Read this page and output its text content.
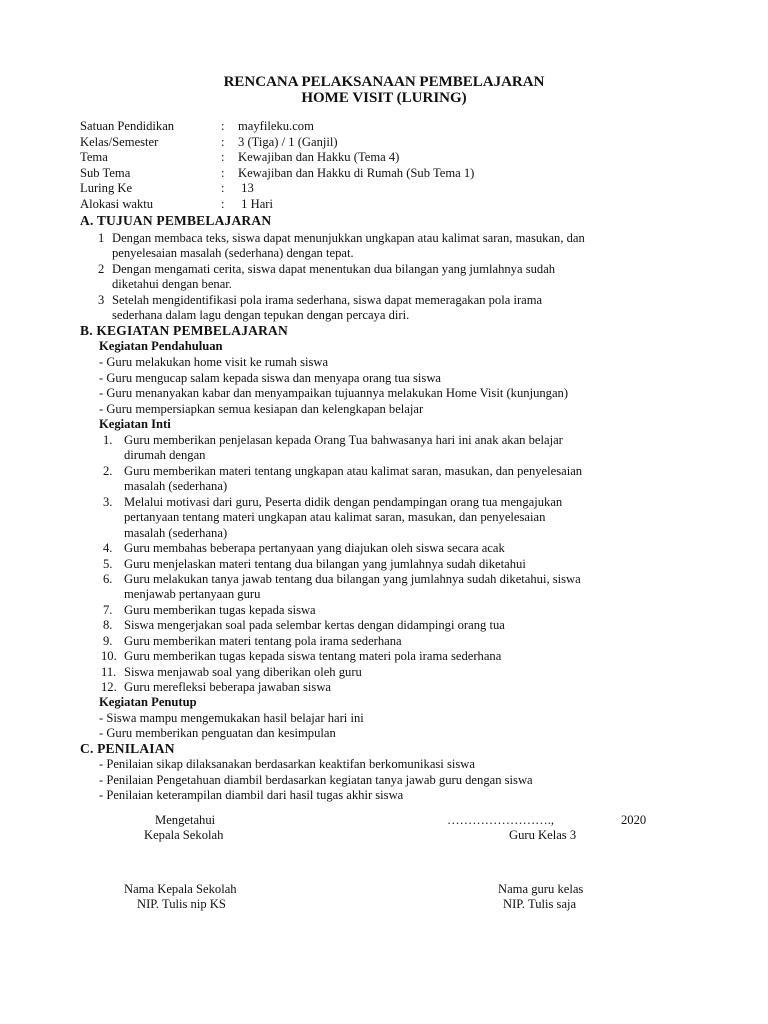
RENCANA PELAKSANAAN PEMBELAJARAN
HOME VISIT (LURING)
Satuan Pendidikan	: mayfileku.com
Kelas/Semester	: 3 (Tiga) / 1 (Ganjil)
Tema	: Kewajiban dan Hakku (Tema 4)
Sub Tema	: Kewajiban dan Hakku di Rumah (Sub Tema 1)
Luring Ke	: 13
Alokasi waktu	: 1 Hari
A. TUJUAN PEMBELAJARAN
1 Dengan membaca teks, siswa dapat menunjukkan ungkapan atau kalimat saran, masukan, dan
penyelesaian masalah (sederhana) dengan tepat.
2 Dengan mengamati cerita, siswa dapat menentukan dua bilangan yang jumlahnya sudah
diketahui dengan benar.
3 Setelah mengidentifikasi pola irama sederhana, siswa dapat memeragakan pola irama
sederhana dalam lagu dengan tepukan dengan percaya diri.
B. KEGIATAN PEMBELAJARAN
Kegiatan Pendahuluan
- Guru melakukan home visit ke rumah siswa
- Guru mengucap salam kepada siswa dan menyapa orang tua siswa
- Guru menanyakan kabar dan menyampaikan tujuannya melakukan Home Visit (kunjungan)
- Guru mempersiapkan semua kesiapan dan kelengkapan belajar
Kegiatan Inti
1. Guru memberikan penjelasan kepada Orang Tua bahwasanya hari ini anak akan belajar
dirumah dengan
2. Guru memberikan materi tentang ungkapan atau kalimat saran, masukan, dan penyelesaian
masalah (sederhana)
3. Melalui motivasi dari guru, Peserta didik dengan pendampingan orang tua mengajukan
pertanyaan tentang materi ungkapan atau kalimat saran, masukan, dan penyelesaian
masalah (sederhana)
4. Guru membahas beberapa pertanyaan yang diajukan oleh siswa secara acak
5. Guru menjelaskan materi tentang dua bilangan yang jumlahnya sudah diketahui
6. Guru melakukan tanya jawab tentang dua bilangan yang jumlahnya sudah diketahui, siswa
menjawab pertanyaan guru
7. Guru memberikan tugas kepada siswa
8. Siswa mengerjakan soal pada selembar kertas dengan didampingi orang tua
9. Guru memberikan materi tentang pola irama sederhana
10. Guru memberikan tugas kepada siswa tentang materi pola irama sederhana
11. Siswa menjawab soal yang diberikan oleh guru
12. Guru merefleksi beberapa jawaban siswa
Kegiatan Penutup
- Siswa mampu mengemukakan hasil belajar hari ini
- Guru memberikan penguatan dan kesimpulan
C. PENILAIAN
- Penilaian sikap dilaksanakan berdasarkan keaktifan berkomunikasi siswa
- Penilaian Pengetahuan diambil berdasarkan kegiatan tanya jawab guru dengan siswa
- Penilaian keterampilan diambil dari hasil tugas akhir siswa
Mengetahui	…………………….,	2020
Kepala Sekolah	Guru Kelas 3
Nama Kepala Sekolah	Nama guru kelas
NIP. Tulis nip KS	NIP. Tulis saja
